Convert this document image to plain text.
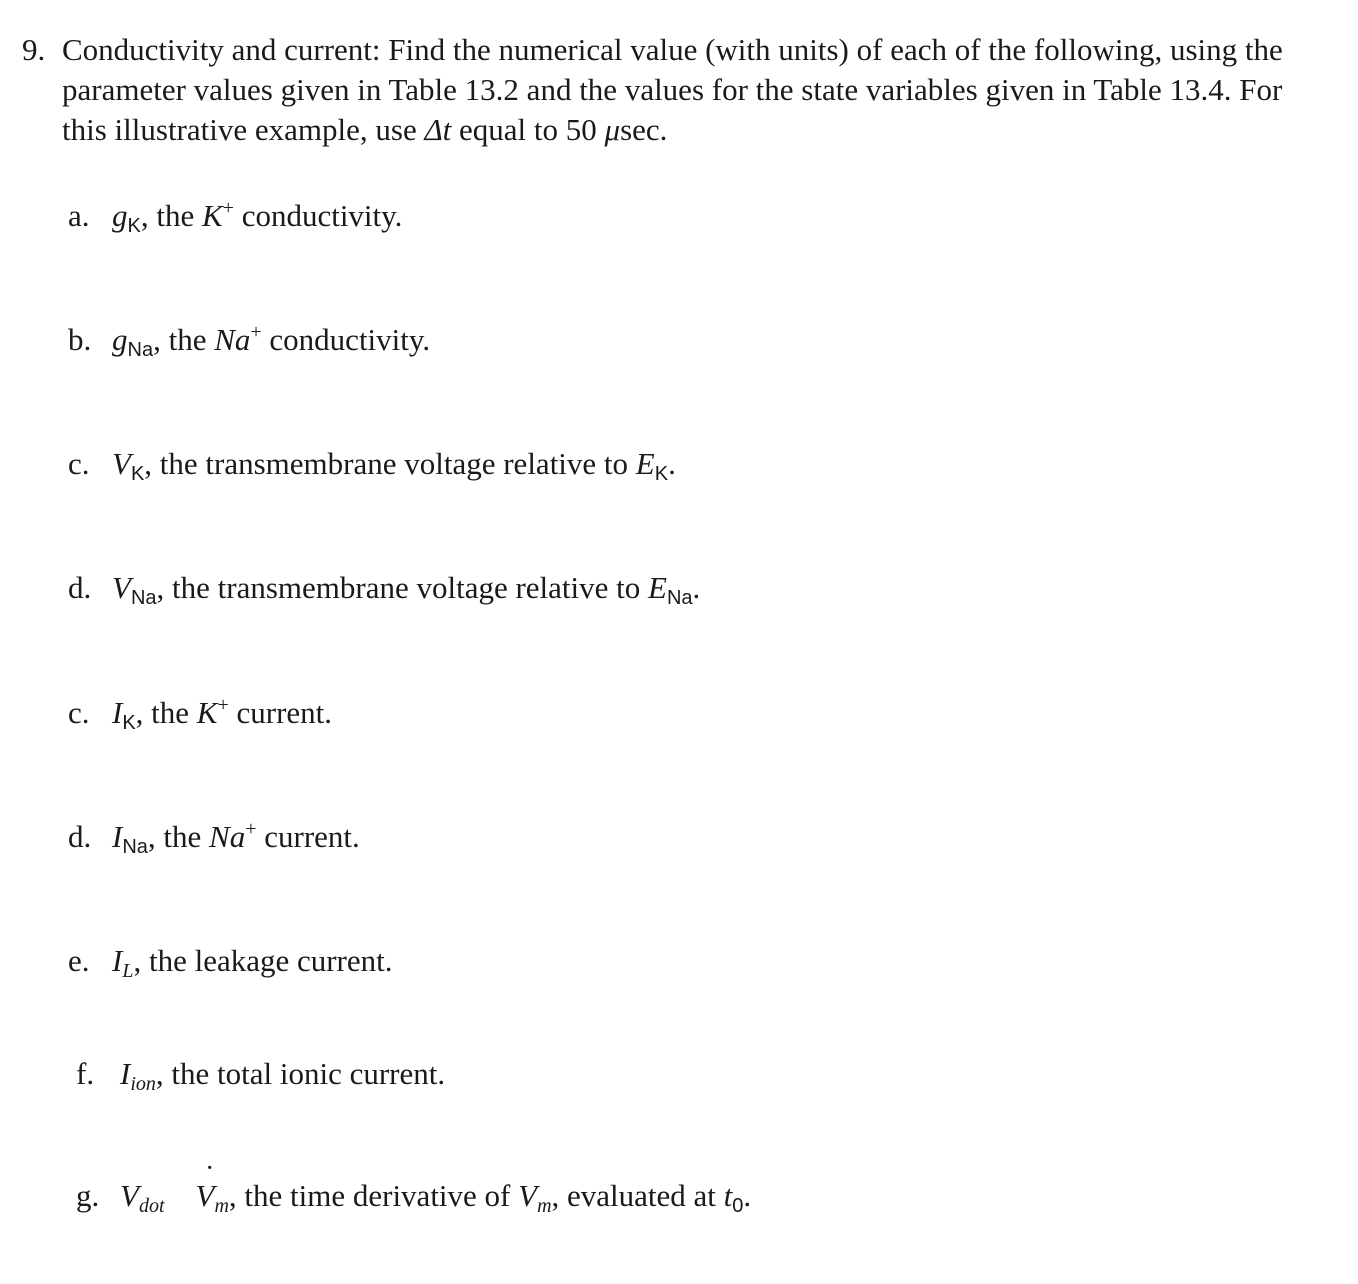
9. Conductivity and current: Find the numerical value (with units) of each of the following, using the parameter values given in Table 13.2 and the values for the state variables given in Table 13.4. For this illustrative example, use Δt equal to 50 μsec.
a. gK, the K+ conductivity.
b. gNa, the Na+ conductivity.
c. VK, the transmembrane voltage relative to EK.
d. VNa, the transmembrane voltage relative to ENa.
c. IK, the K+ current.
d. INa, the Na+ current.
e. IL, the leakage current.
f. Iion, the total ionic current.
g. Vdot    ˙ Vm, the time derivative of Vm, evaluated at t0.
